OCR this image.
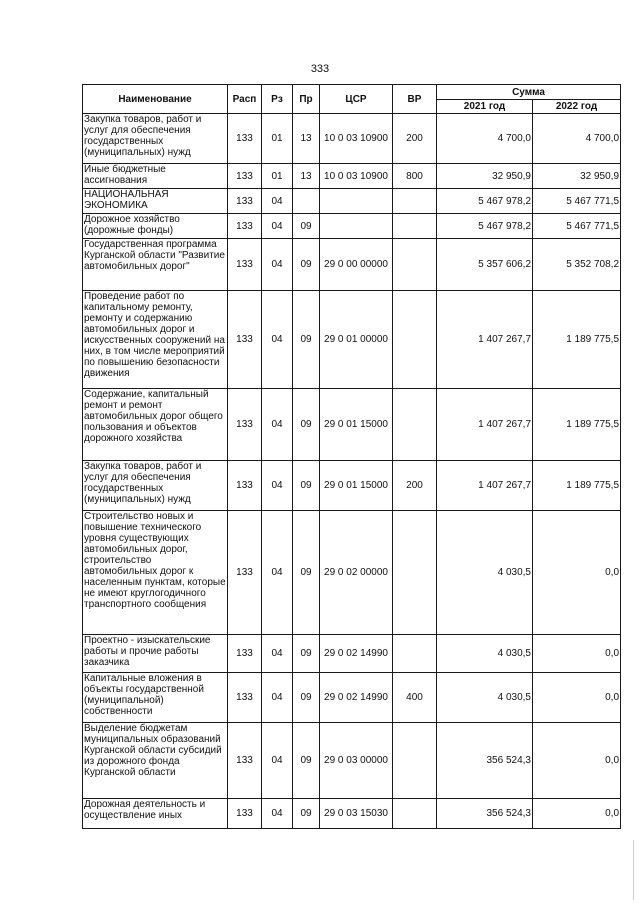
333
Наименование	Расп	Рз	Пр	ЦСР	ВР	Сумма	
						2021 год	2022 год
Закупка товаров, работ и услуг для обеспечения государственных (муниципальных) нужд	133	01	13	10 0 03 10900	200	4 700,0	4 700,0
Иные бюджетные ассигнования	133	01	13	10 0 03 10900	800	32 950,9	32 950,9
НАЦИОНАЛЬНАЯ ЭКОНОМИКА	133	04				5 467 978,2	5 467 771,5
Дорожное хозяйство (дорожные фонды)	133	04	09			5 467 978,2	5 467 771,5
Государственная программа Курганской области "Развитие автомобильных дорог"	133	04	09	29 0 00 00000		5 357 606,2	5 352 708,2
Проведение работ по капитальному ремонту, ремонту и содержанию автомобильных дорог и искусственных сооружений на них, в том числе мероприятий по повышению безопасности движения	133	04	09	29 0 01 00000		1 407 267,7	1 189 775,5
Содержание, капитальный ремонт и ремонт автомобильных дорог общего пользования и объектов дорожного хозяйства	133	04	09	29 0 01 15000		1 407 267,7	1 189 775,5
Закупка товаров, работ и услуг для обеспечения государственных (муниципальных) нужд	133	04	09	29 0 01 15000	200	1 407 267,7	1 189 775,5
Строительство новых и повышение технического уровня существующих автомобильных дорог, строительство автомобильных дорог к населенным пунктам, которые не имеют круглогодичного транспортного сообщения	133	04	09	29 0 02 00000		4 030,5	0,0
Проектно - изыскательские работы и прочие работы заказчика	133	04	09	29 0 02 14990		4 030,5	0,0
Капитальные вложения в объекты государственной (муниципальной) собственности	133	04	09	29 0 02 14990	400	4 030,5	0,0
Выделение бюджетам муниципальных образований Курганской области субсидий из дорожного фонда Курганской области	133	04	09	29 0 03 00000		356 524,3	0,0
Дорожная деятельность и осуществление иных	133	04	09	29 0 03 15030		356 524,3	0,0
